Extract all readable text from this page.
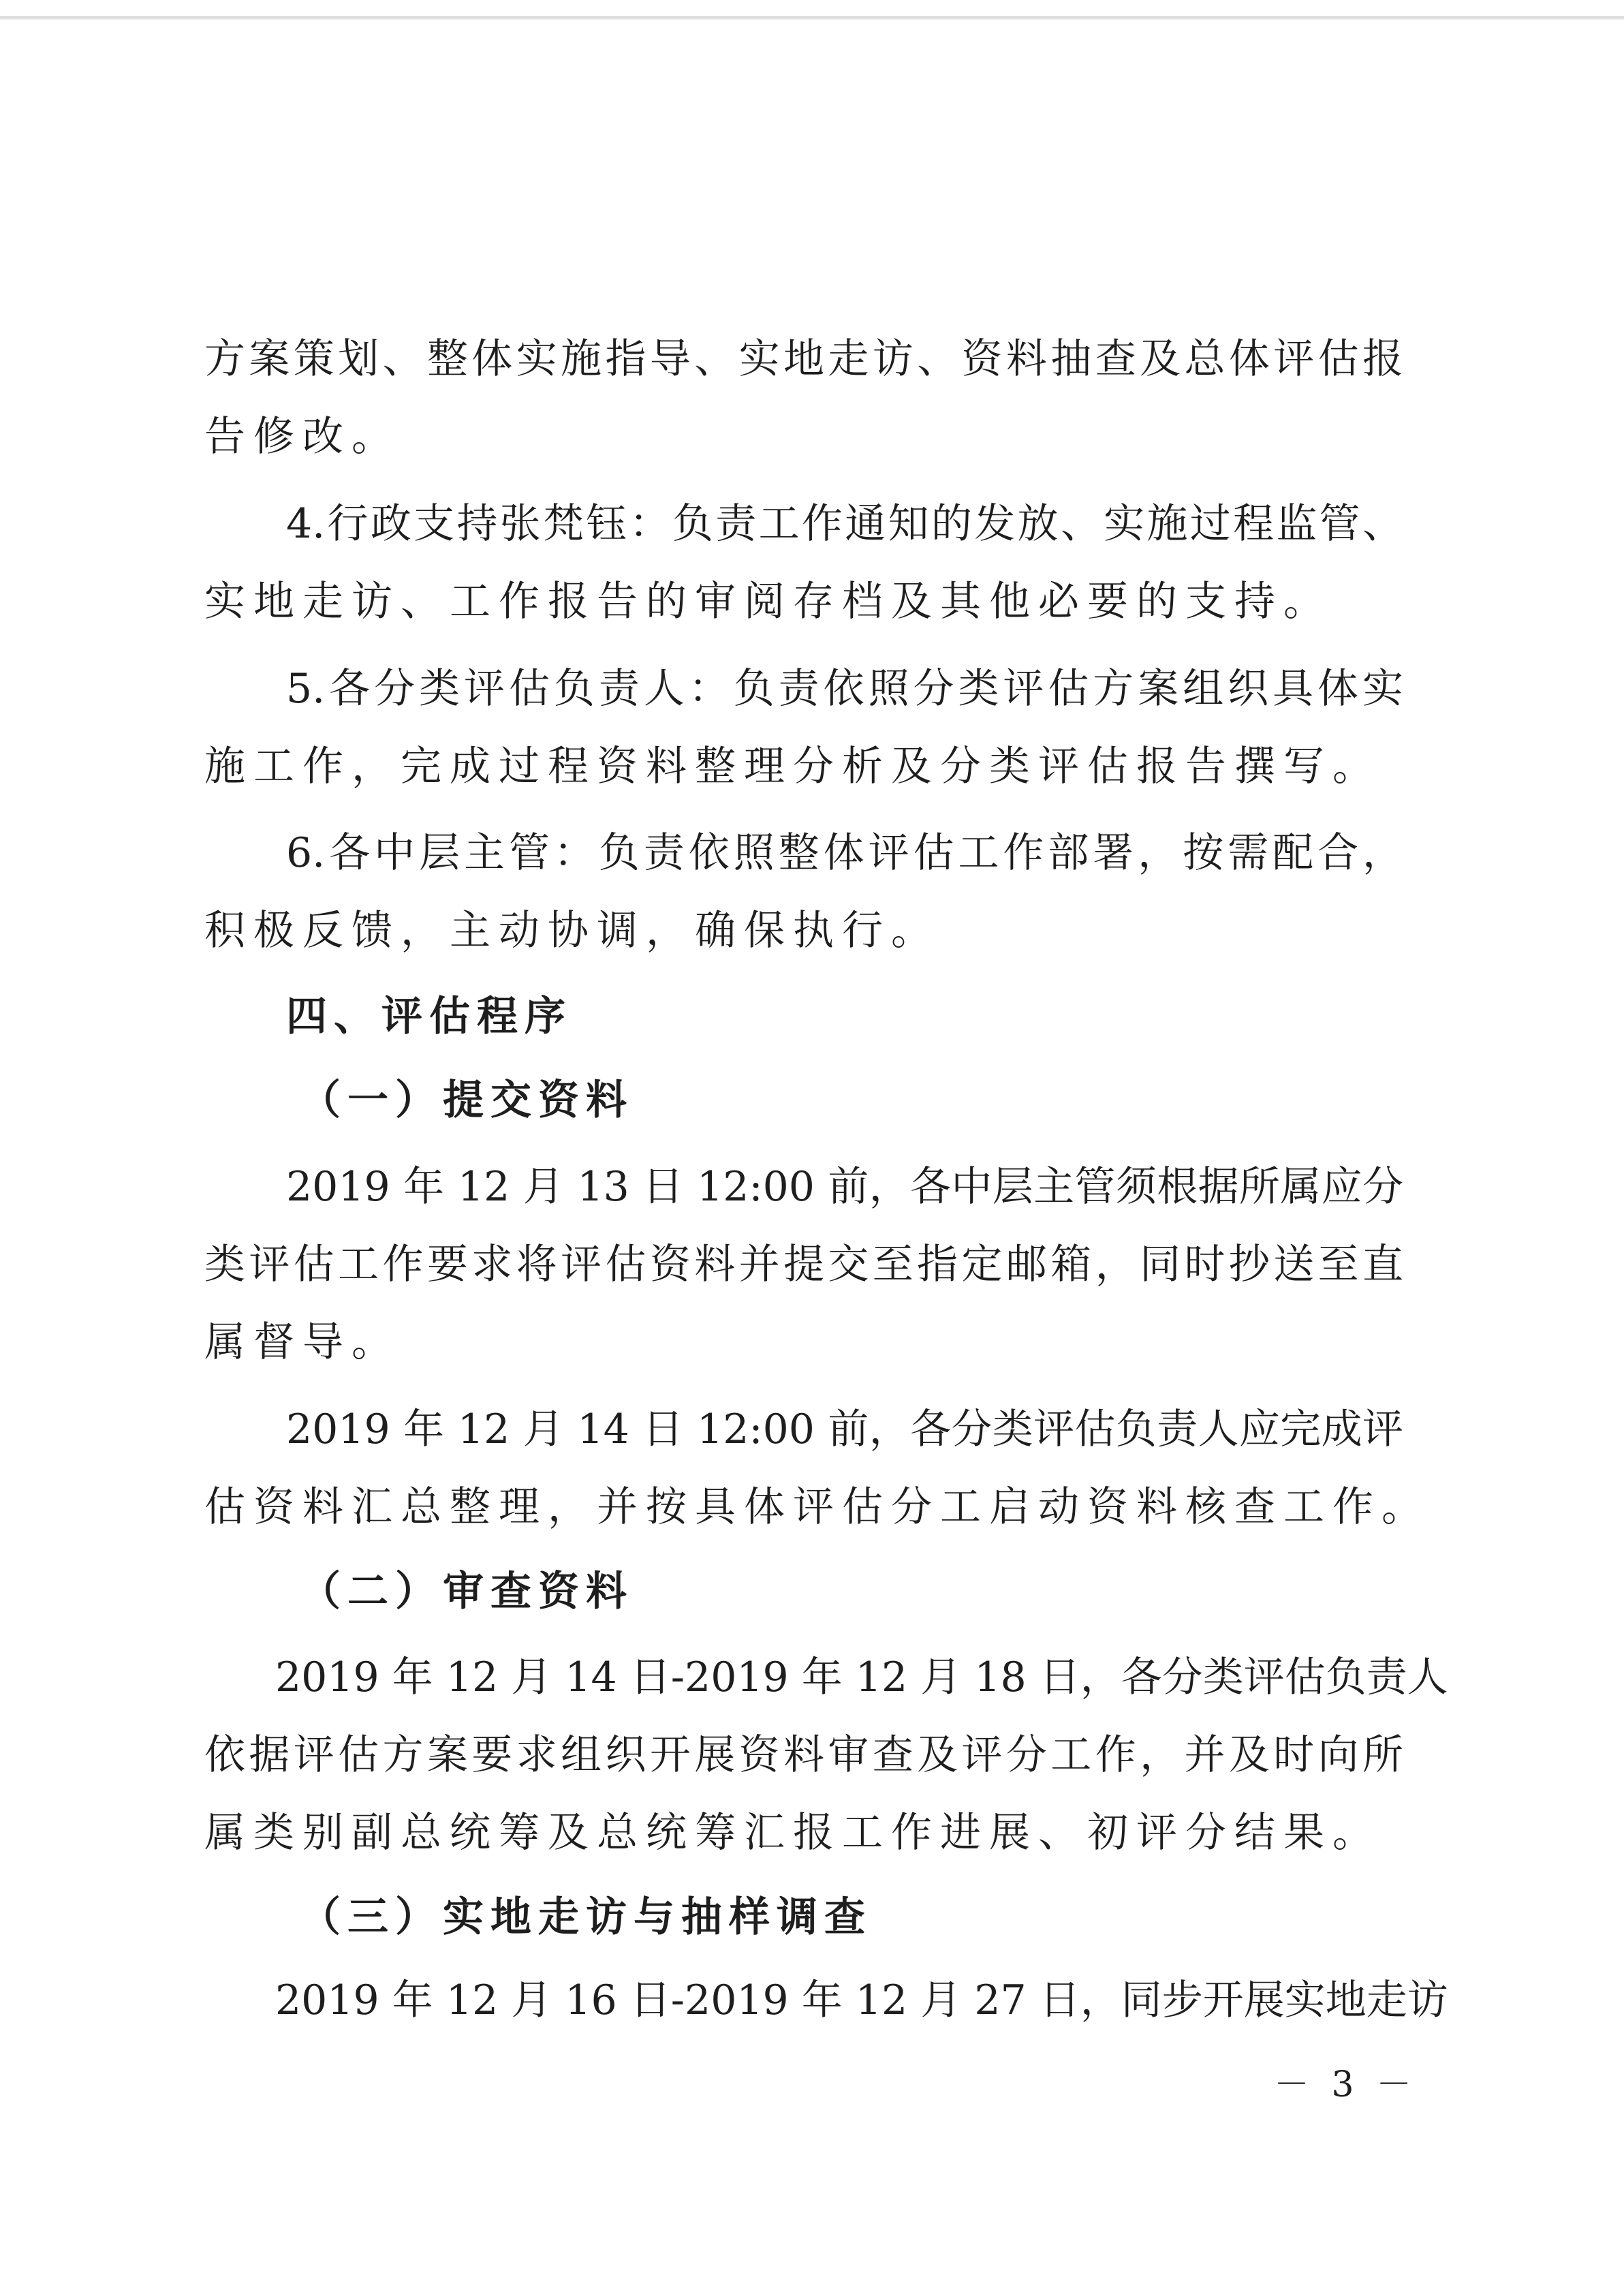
方案策划、整体实施指导、实地走访、资料抽查及总体评估报
告修改。
4.行政支持张梵钰：负责工作通知的发放、实施过程监管、
实地走访、工作报告的审阅存档及其他必要的支持。
5.各分类评估负责人：负责依照分类评估方案组织具体实
施工作，完成过程资料整理分析及分类评估报告撰写。
6.各中层主管：负责依照整体评估工作部署，按需配合，
积极反馈，主动协调，确保执行。
四、评估程序
（一）提交资料
2019 年 12 月 13 日 12:00 前，各中层主管须根据所属应分
类评估工作要求将评估资料并提交至指定邮箱，同时抄送至直
属督导。
2019 年 12 月 14 日 12:00 前，各分类评估负责人应完成评
估资料汇总整理，并按具体评估分工启动资料核查工作。
（二）审查资料
2019 年 12 月 14 日-2019 年 12 月 18 日，各分类评估负责人
依据评估方案要求组织开展资料审查及评分工作，并及时向所
属类别副总统筹及总统筹汇报工作进展、初评分结果。
（三）实地走访与抽样调查
2019 年 12 月 16 日-2019 年 12 月 27 日，同步开展实地走访
－ 3 －
